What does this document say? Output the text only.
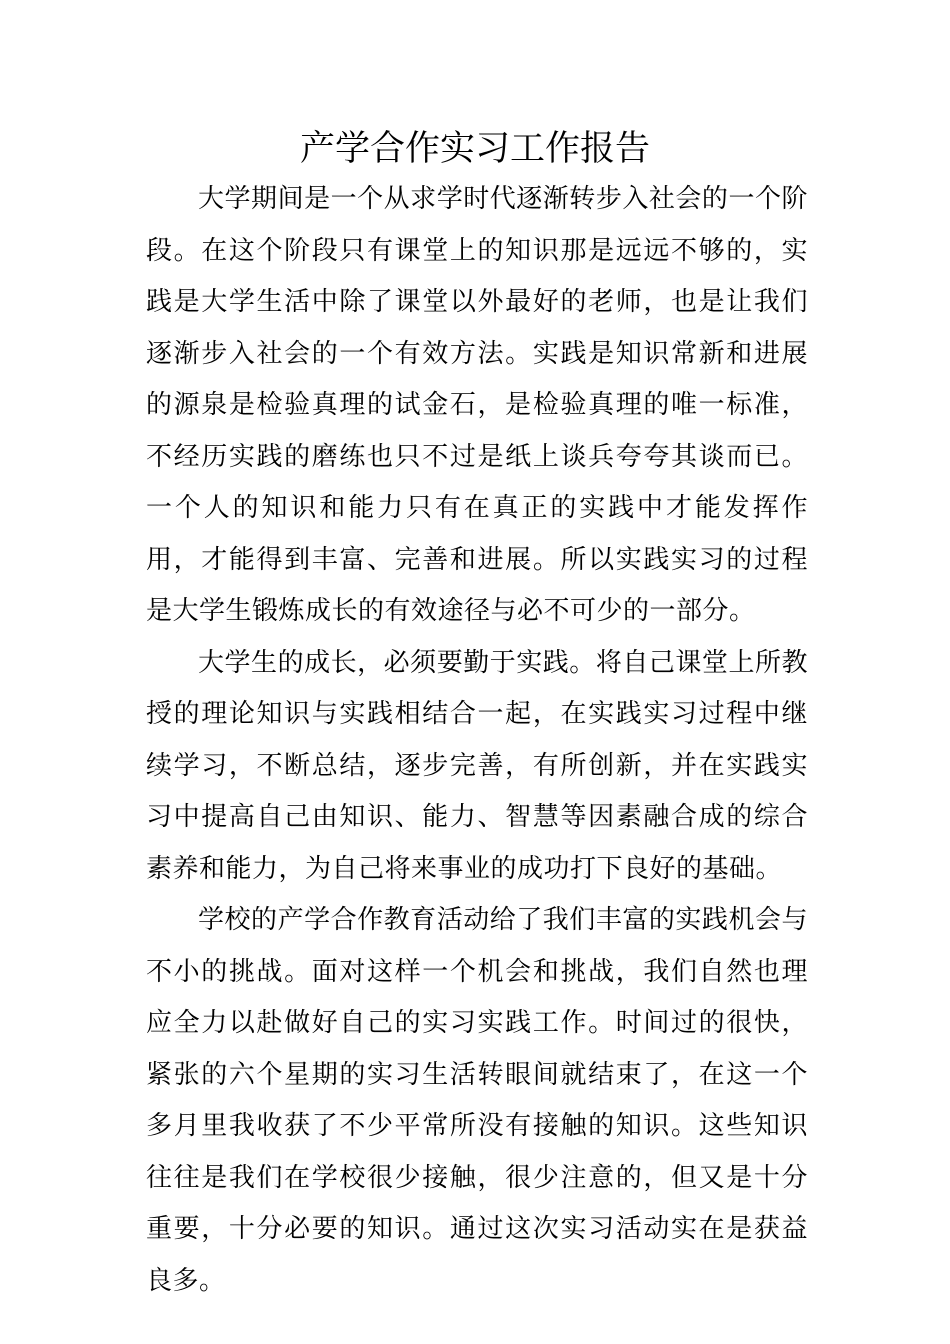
产学合作实习工作报告

大学期间是一个从求学时代逐渐转步入社会的一个阶段。在这个阶段只有课堂上的知识那是远远不够的，实践是大学生活中除了课堂以外最好的老师，也是让我们逐渐步入社会的一个有效方法。实践是知识常新和进展的源泉是检验真理的试金石，是检验真理的唯一标准，不经历实践的磨练也只不过是纸上谈兵夸夸其谈而已。一个人的知识和能力只有在真正的实践中才能发挥作用，才能得到丰富、完善和进展。所以实践实习的过程是大学生锻炼成长的有效途径与必不可少的一部分。

大学生的成长，必须要勤于实践。将自己课堂上所教授的理论知识与实践相结合一起，在实践实习过程中继续学习，不断总结，逐步完善，有所创新，并在实践实习中提高自己由知识、能力、智慧等因素融合成的综合素养和能力，为自己将来事业的成功打下良好的基础。

学校的产学合作教育活动给了我们丰富的实践机会与不小的挑战。面对这样一个机会和挑战，我们自然也理应全力以赴做好自己的实习实践工作。时间过的很快，紧张的六个星期的实习生活转眼间就结束了，在这一个多月里我收获了不少平常所没有接触的知识。这些知识往往是我们在学校很少接触，很少注意的，但又是十分重要，十分必要的知识。通过这次实习活动实在是获益良多。
